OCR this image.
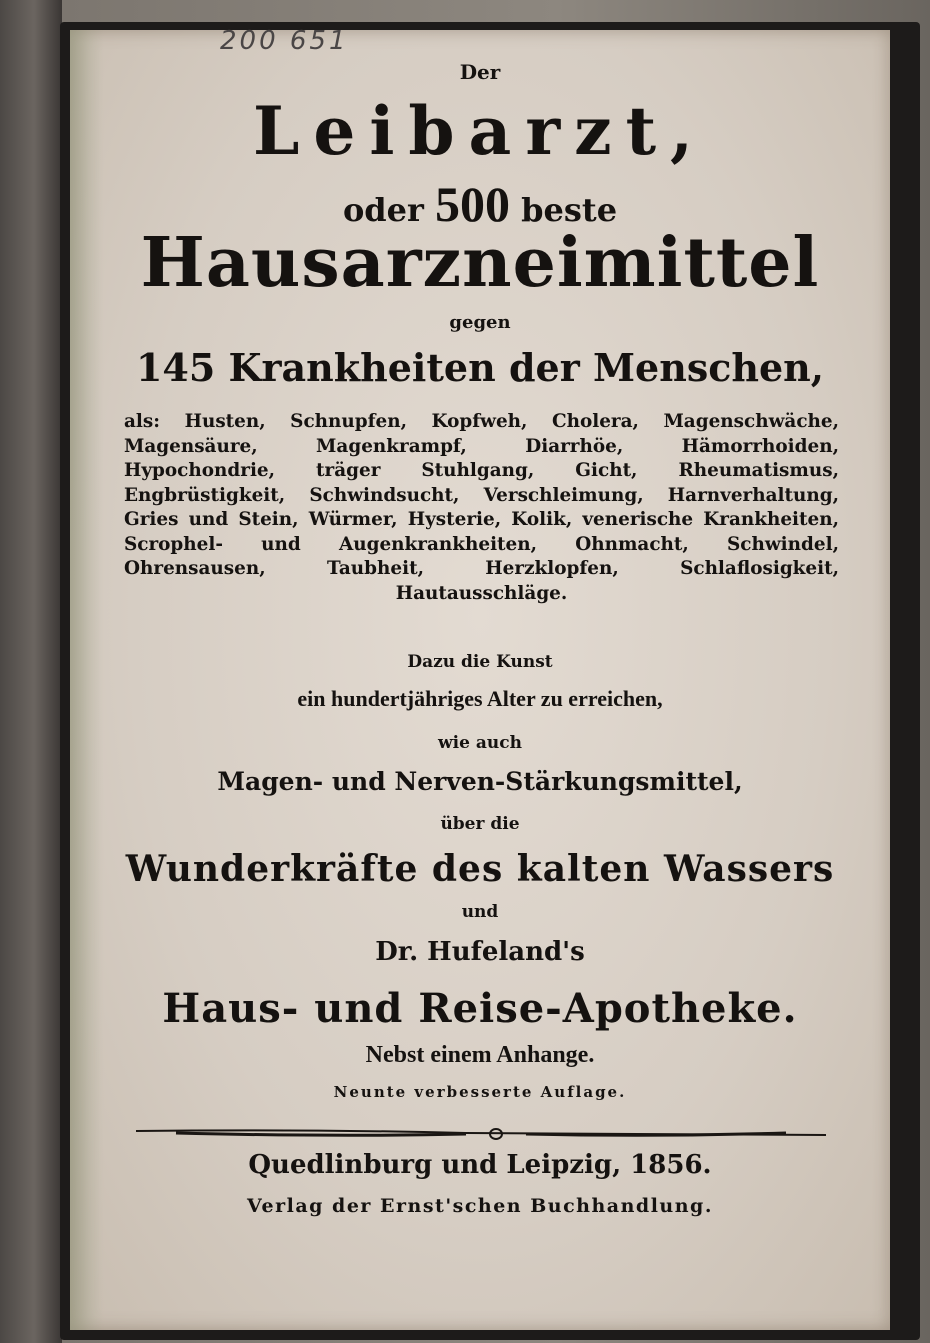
200 651
Der
Leibarzt,
oder 500 beste
Hausarzneimittel
gegen
145 Krankheiten der Menschen,
als: Husten, Schnupfen, Kopfweh, Cholera, Magenschwäche, Magensäure, Magenkrampf, Diarrhöe, Hämorrhoiden, Hypochondrie, träger Stuhlgang, Gicht, Rheumatismus, Engbrüstigkeit, Schwindsucht, Verschleimung, Harnverhaltung, Gries und Stein, Würmer, Hysterie, Kolik, venerische Krankheiten, Scrophel- und Augenkrankheiten, Ohnmacht, Schwindel, Ohrensausen, Taubheit, Herzklopfen, Schlaflosigkeit, Hautausschläge.
Dazu die Kunst
ein hundertjähriges Alter zu erreichen,
wie auch
Magen- und Nerven-Stärkungsmittel,
über die
Wunderkräfte des kalten Wassers
und
Dr. Hufeland's
Haus- und Reise-Apotheke.
Nebst einem Anhange.
Neunte verbesserte Auflage.
Quedlinburg und Leipzig, 1856.
Verlag der Ernst'schen Buchhandlung.
